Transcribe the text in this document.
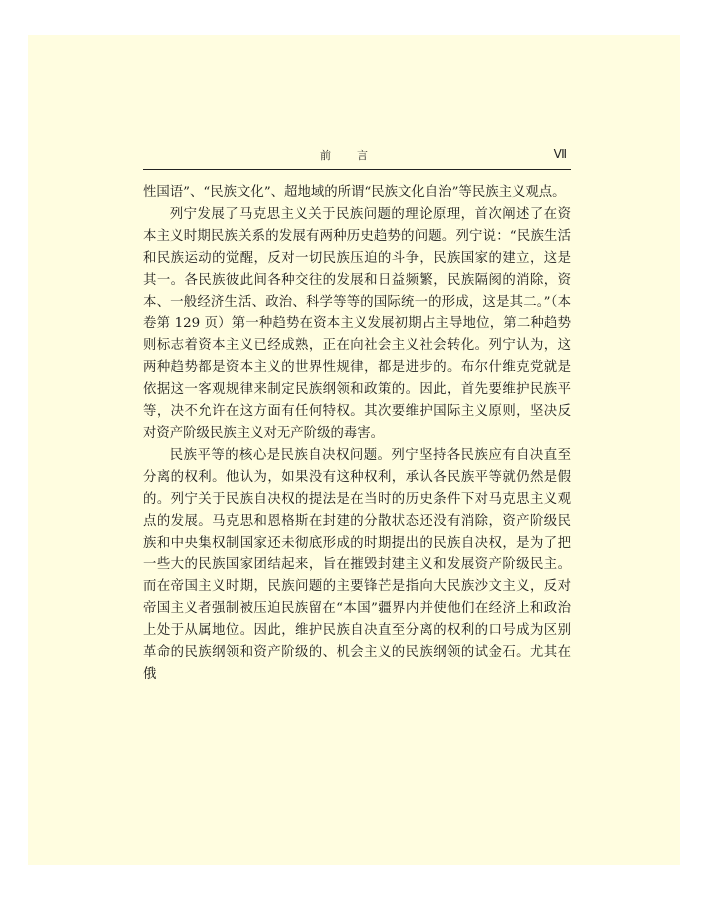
前言	Ⅶ

性国语”、“民族文化”、超地域的所谓“民族文化自治”等民族主义观点。

列宁发展了马克思主义关于民族问题的理论原理，首次阐述了在资本主义时期民族关系的发展有两种历史趋势的问题。列宁说：“民族生活和民族运动的觉醒，反对一切民族压迫的斗争，民族国家的建立，这是其一。各民族彼此间各种交往的发展和日益频繁，民族隔阂的消除，资本、一般经济生活、政治、科学等等的国际统一的形成，这是其二。”（本卷第 129 页）第一种趋势在资本主义发展初期占主导地位，第二种趋势则标志着资本主义已经成熟，正在向社会主义社会转化。列宁认为，这两种趋势都是资本主义的世界性规律，都是进步的。布尔什维克党就是依据这一客观规律来制定民族纲领和政策的。因此，首先要维护民族平等，决不允许在这方面有任何特权。其次要维护国际主义原则，坚决反对资产阶级民族主义对无产阶级的毒害。

民族平等的核心是民族自决权问题。列宁坚持各民族应有自决直至分离的权利。他认为，如果没有这种权利，承认各民族平等就仍然是假的。列宁关于民族自决权的提法是在当时的历史条件下对马克思主义观点的发展。马克思和恩格斯在封建的分散状态还没有消除，资产阶级民族和中央集权制国家还未彻底形成的时期提出的民族自决权，是为了把一些大的民族国家团结起来，旨在摧毁封建主义和发展资产阶级民主。而在帝国主义时期，民族问题的主要锋芒是指向大民族沙文主义，反对帝国主义者强制被压迫民族留在“本国”疆界内并使他们在经济上和政治上处于从属地位。因此，维护民族自决直至分离的权利的口号成为区别革命的民族纲领和资产阶级的、机会主义的民族纲领的试金石。尤其在俄
